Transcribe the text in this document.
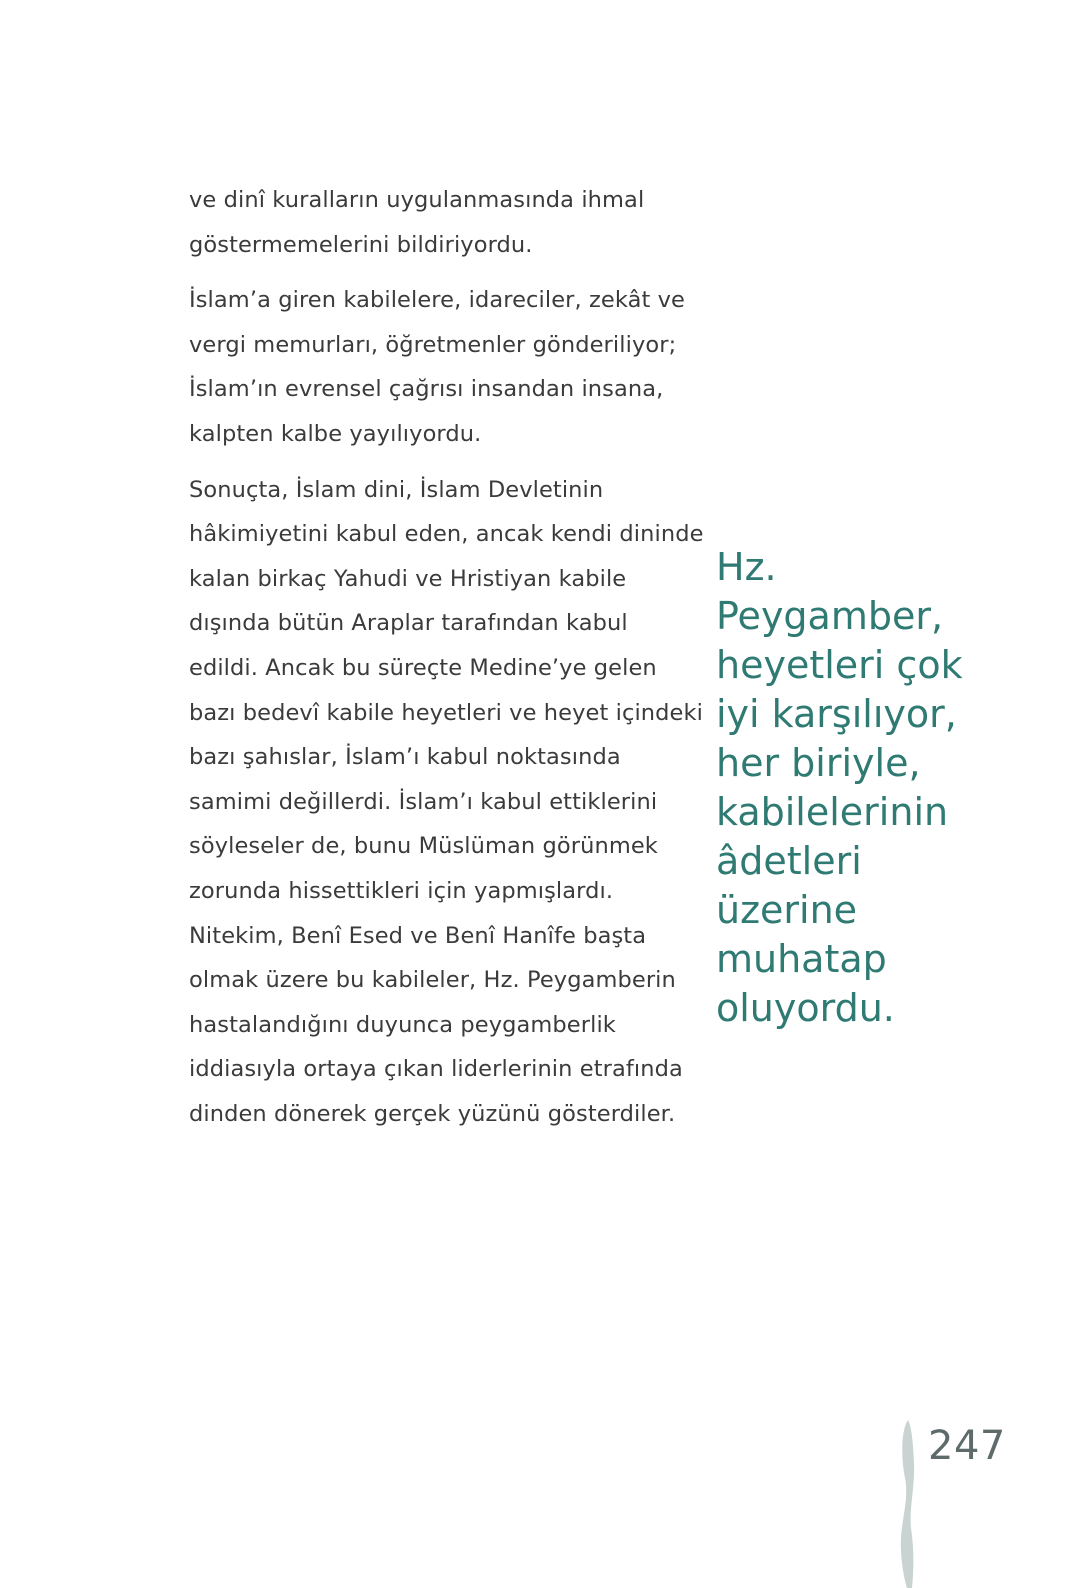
ve dinî kuralların uygulanmasında ihmal
göstermemelerini bildiriyordu.

İslam’a giren kabilelere, idareciler, zekât ve
vergi memurları, öğretmenler gönderiliyor;
İslam’ın evrensel çağrısı insandan insana,
kalpten kalbe yayılıyordu.

Sonuçta, İslam dini, İslam Devletinin
hâkimiyetini kabul eden, ancak kendi dininde
kalan birkaç Yahudi ve Hristiyan kabile
dışında bütün Araplar tarafından kabul
edildi. Ancak bu süreçte Medine’ye gelen
bazı bedevî kabile heyetleri ve heyet içindeki
bazı şahıslar, İslam’ı kabul noktasında
samimi değillerdi. İslam’ı kabul ettiklerini
söyleseler de, bunu Müslüman görünmek
zorunda hissettikleri için yapmışlardı.
Nitekim, Benî Esed ve Benî Hanîfe başta
olmak üzere bu kabileler, Hz. Peygamberin
hastalandığını duyunca peygamberlik
iddiasıyla ortaya çıkan liderlerinin etrafında
dinden dönerek gerçek yüzünü gösterdiler.

Hz.
Peygamber,
heyetleri çok
iyi karşılıyor,
her biriyle,
kabilelerinin
âdetleri
üzerine
muhatap
oluyordu.
247
